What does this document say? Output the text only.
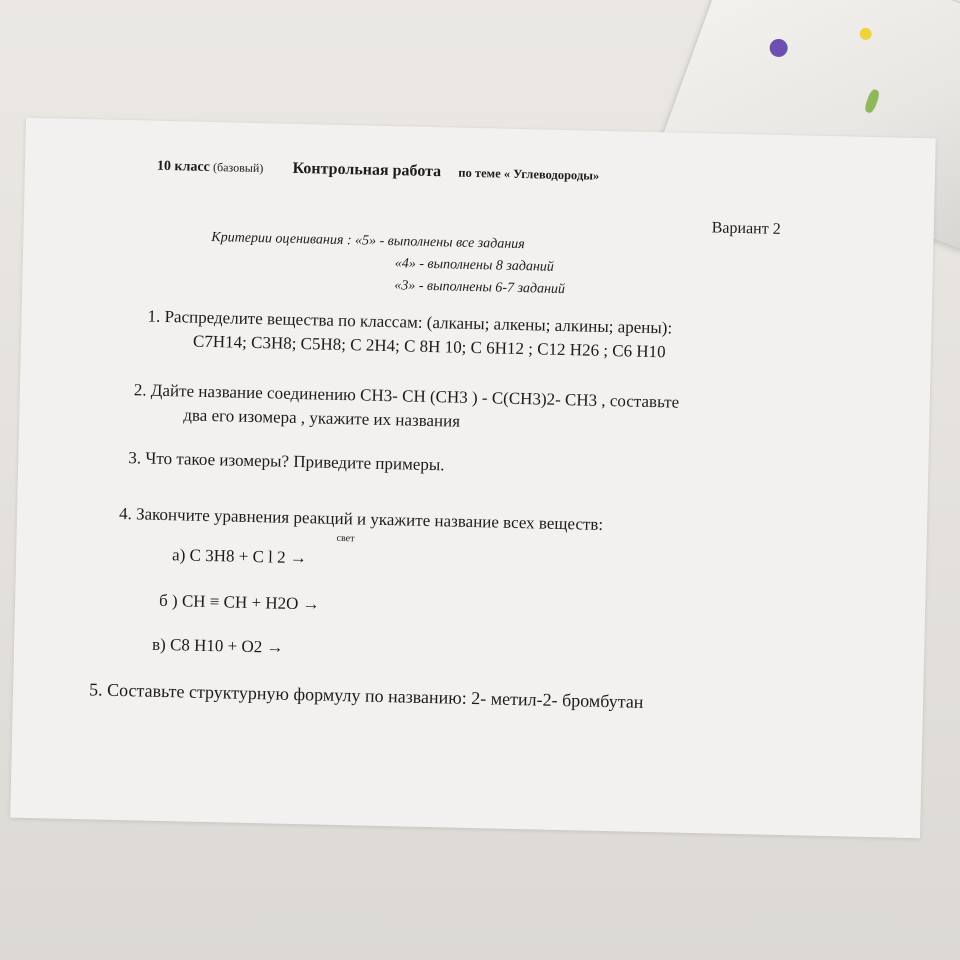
10 класс (базовый) Контрольная работа по теме « Углеводороды»
Вариант 2
Критерии оценивания : «5» - выполнены все задания
«4» - выполнены 8 заданий
«3» - выполнены 6-7 заданий
1. Распределите вещества по классам: (алканы; алкены; алкины; арены):
C7H14; C3H8; C5H8; C 2H4; C 8H 10; C 6H12 ; C12 H26 ; C6 H10
2. Дайте название соединению CH3- CH (CH3 ) - C(CH3)2- CH3 , составьте
два его изомера , укажите их названия
3. Что такое изомеры? Приведите примеры.
4. Закончите уравнения реакций и укажите название всех веществ:
свет
а) C 3H8 + C l 2 →
б ) CH ≡ CH + H2O →
в) C8 H10 + O2 →
5. Составьте структурную формулу по названию: 2- метил-2- бромбутан
